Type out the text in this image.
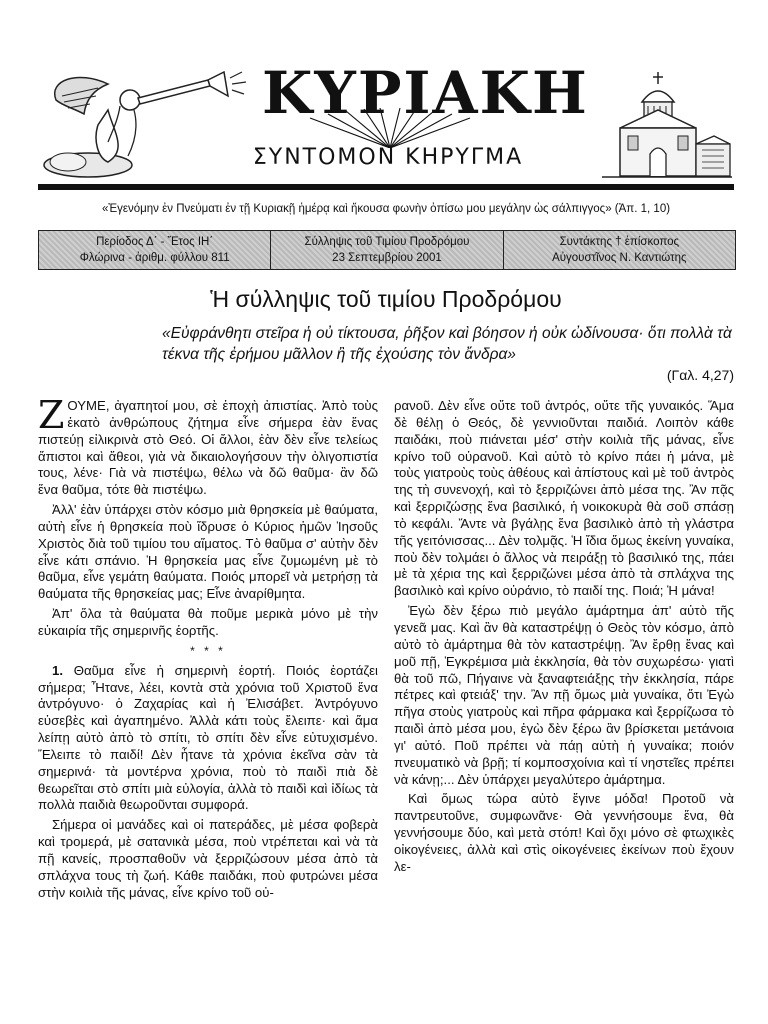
ΚΥΡΙΑΚΗ
ΣΥΝΤΟΜΟΝ ΚΗΡΥΓΜΑ
«Ἐγενόμην ἐν Πνεύματι ἐν τῇ Κυριακῇ ἡμέρᾳ καὶ ἤκουσα φωνὴν ὀπίσω μου μεγάλην ὡς σάλπιγγος» (Ἀπ. 1, 10)
Περίοδος Δ΄ - Ἔτος ΙΗ΄
Φλώρινα - ἀριθμ. φύλλου 811
Σύλληψις τοῦ Τιμίου Προδρόμου
23 Σεπτεμβρίου 2001
Συντάκτης † ἐπίσκοπος
Αὐγουστῖνος Ν. Καντιώτης
Ἡ σύλληψις τοῦ τιμίου Προδρόμου
«Εὐφράνθητι στεῖρα ἡ οὐ τίκτουσα, ῥῆξον καὶ βόησον ἡ οὐκ ὠδίνουσα· ὅτι πολλὰ τὰ τέκνα τῆς ἐρήμου μᾶλλον ἢ τῆς ἐχούσης τὸν ἄνδρα»
(Γαλ. 4,27)

ΖΟΥΜΕ, ἀγαπητοί μου, σὲ ἐποχὴ ἀπιστίας. Ἀπὸ τοὺς ἑκατὸ ἀνθρώπους ζήτημα εἶνε σήμερα ἐὰν ἕνας πιστεύῃ εἰλικρινὰ στὸ Θεό. Οἱ ἄλλοι, ἐὰν δὲν εἶνε τελείως ἄπιστοι καὶ ἄθεοι, γιὰ νὰ δικαιολογήσουν τὴν ὀλιγοπιστία τους, λένε· Γιὰ νὰ πιστέψω, θέλω νὰ δῶ θαῦμα· ἂν δῶ ἕνα θαῦμα, τότε θὰ πιστέψω.

Ἀλλ' ἐὰν ὑπάρχει στὸν κόσμο μιὰ θρησκεία μὲ θαύματα, αὐτὴ εἶνε ἡ θρησκεία ποὺ ἵδρυσε ὁ Κύριος ἡμῶν Ἰησοῦς Χριστὸς διὰ τοῦ τιμίου του αἵματος. Τὸ θαῦμα σ' αὐτὴν δὲν εἶνε κάτι σπάνιο. Ἡ θρησκεία μας εἶνε ζυμωμένη μὲ τὸ θαῦμα, εἶνε γεμάτη θαύματα. Ποιός μπορεῖ νὰ μετρήσῃ τὰ θαύματα τῆς θρησκείας μας; Εἶνε ἀναρίθμητα.

Ἀπ' ὅλα τὰ θαύματα θὰ ποῦμε μερικὰ μόνο μὲ τὴν εὐκαιρία τῆς σημερινῆς ἑορτῆς.

* * *

1. Θαῦμα εἶνε ἡ σημερινὴ ἑορτή. Ποιός ἑορτάζει σήμερα; Ἦτανε, λέει, κοντὰ στὰ χρόνια τοῦ Χριστοῦ ἕνα ἀντρόγυνο· ὁ Ζαχαρίας καὶ ἡ Ἐλισάβετ. Ἀντρόγυνο εὐσεβὲς καὶ ἀγαπημένο. Ἀλλὰ κάτι τοὺς ἔλειπε· καὶ ἅμα λείπῃ αὐτὸ ἀπὸ τὸ σπίτι, τὸ σπίτι δὲν εἶνε εὐτυχισμένο. Ἔλειπε τὸ παιδί! Δὲν ἦτανε τὰ χρόνια ἐκεῖνα σὰν τὰ σημερινά· τὰ μοντέρνα χρόνια, ποὺ τὸ παιδὶ πιὰ δὲ θεωρεῖται στὸ σπίτι μιὰ εὐλογία, ἀλλὰ τὸ παιδὶ καὶ ἰδίως τὰ πολλὰ παιδιὰ θεωροῦνται συμφορά.

Σήμερα οἱ μανάδες καὶ οἱ πατεράδες, μὲ μέσα φοβερὰ καὶ τρομερά, μὲ σατανικὰ μέσα, ποὺ ντρέπεται καὶ νὰ τὰ πῇ κανείς, προσπαθοῦν νὰ ξερριζώσουν μέσα ἀπὸ τὰ σπλάχνα τους τὴ ζωή. Κάθε παιδάκι, ποὺ φυτρώνει μέσα στὴν κοιλιὰ τῆς μάνας, εἶνε κρίνο τοῦ οὐ-

ρανοῦ. Δὲν εἶνε οὔτε τοῦ ἀντρός, οὔτε τῆς γυναικός. Ἅμα δὲ θέλῃ ὁ Θεός, δὲ γεννιοῦνται παιδιά. Λοιπὸν κάθε παιδάκι, ποὺ πιάνεται μέσ' στὴν κοιλιὰ τῆς μάνας, εἶνε κρίνο τοῦ οὐρανοῦ. Καὶ αὐτὸ τὸ κρίνο πάει ἡ μάνα, μὲ τοὺς γιατροὺς τοὺς ἀθέους καὶ ἀπίστους καὶ μὲ τοῦ ἀντρὸς της τὴ συνενοχή, καὶ τὸ ξερριζώνει ἀπὸ μέσα της. Ἂν πᾷς καὶ ξερριζώσῃς ἕνα βασιλικό, ἡ νοικοκυρὰ θὰ σοῦ σπάσῃ τὸ κεφάλι. Ἄντε νὰ βγάλῃς ἕνα βασιλικὸ ἀπὸ τὴ γλάστρα τῆς γειτόνισσας... Δὲν τολμᾷς. Ἡ ἴδια ὅμως ἐκείνη γυναίκα, ποὺ δὲν τολμάει ὁ ἄλλος νὰ πειράξῃ τὸ βασιλικό της, πάει μὲ τὰ χέρια της καὶ ξερριζώνει μέσα ἀπὸ τὰ σπλάχνα της βασιλικὸ καὶ κρίνο οὐράνιο, τὸ παιδί της. Ποιά; Ἡ μάνα!

Ἐγὼ δὲν ξέρω πιὸ μεγάλο ἁμάρτημα ἀπ' αὐτὸ τῆς γενεᾶ μας. Καὶ ἂν θὰ καταστρέψῃ ὁ Θεὸς τὸν κόσμο, ἀπὸ αὐτὸ τὸ ἁμάρτημα θὰ τὸν καταστρέψῃ. Ἂν ἔρθῃ ἕνας καὶ μοῦ πῇ, Ἐγκρέμισα μιὰ ἐκκλησία, θὰ τὸν συχωρέσω· γιατὶ θὰ τοῦ πῶ, Πήγαινε νὰ ξαναφτειάξῃς τὴν ἐκκλησία, πάρε πέτρες καὶ φτειάξ' την. Ἂν πῇ ὅμως μιὰ γυναίκα, ὅτι Ἐγὼ πῆγα στοὺς γιατροὺς καὶ πῆρα φάρμακα καὶ ξερρίζωσα τὸ παιδὶ ἀπὸ μέσα μου, ἐγὼ δὲν ξέρω ἂν βρίσκεται μετάνοια γι' αὐτό. Ποῦ πρέπει νὰ πάῃ αὐτὴ ἡ γυναίκα; ποιόν πνευματικὸ νὰ βρῇ; τί κομποσχοίνια καὶ τί νηστεῖες πρέπει νὰ κάνῃ;... Δὲν ὑπάρχει μεγαλύτερο ἁμάρτημα.

Καὶ ὅμως τώρα αὐτὸ ἔγινε μόδα! Προτοῦ νὰ παντρευτοῦνε, συμφωνᾶνε· Θὰ γεννήσουμε ἕνα, θὰ γεννήσουμε δύο, καὶ μετὰ στόπ! Καὶ ὄχι μόνο σὲ φτωχικὲς οἰκογένειες, ἀλλὰ καὶ στὶς οἰκογένειες ἐκείνων ποὺ ἔχουν λε-
